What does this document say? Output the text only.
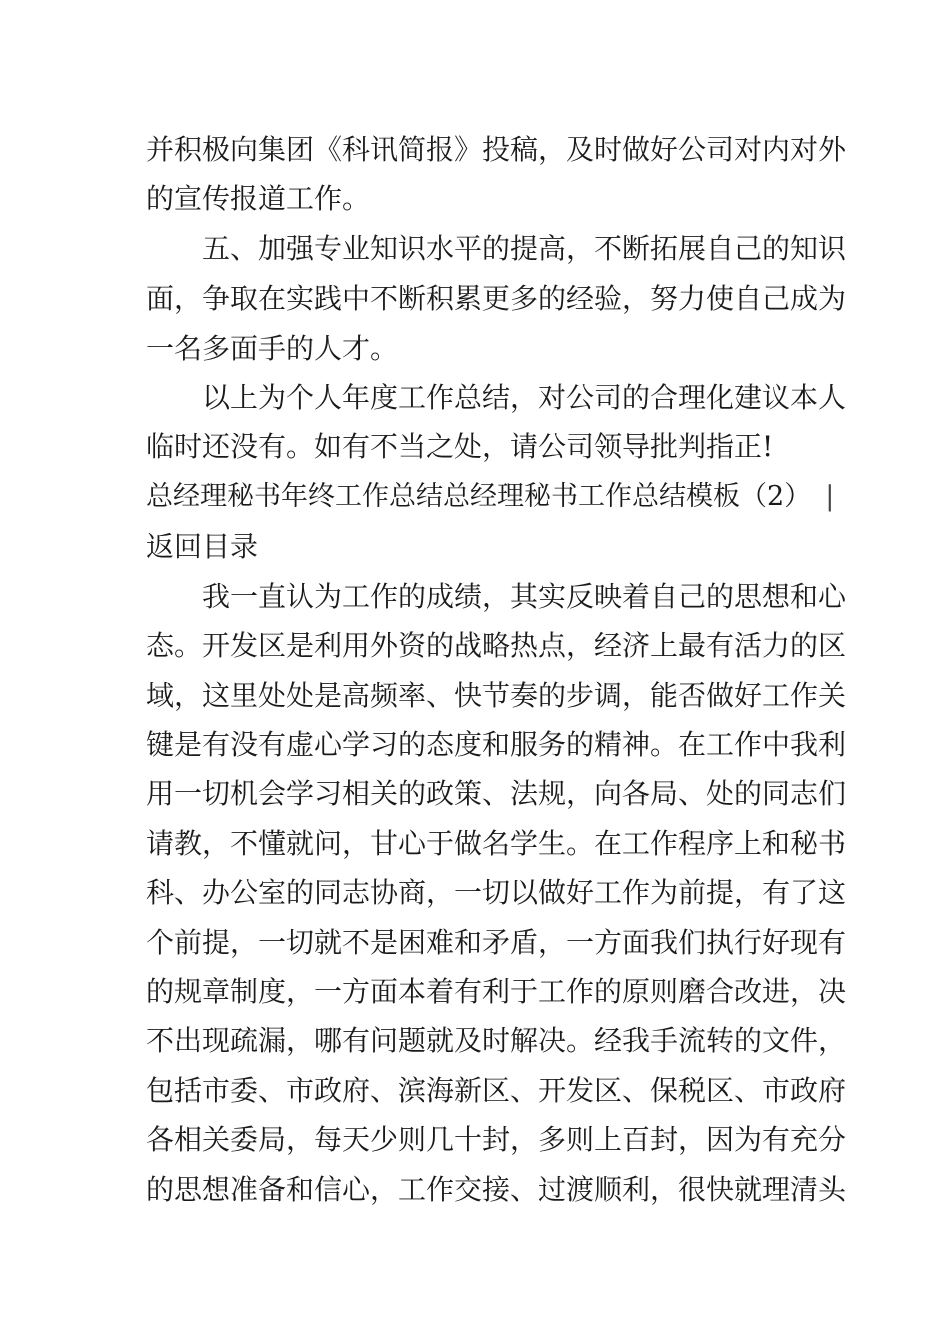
并积极向集团《科讯简报》投稿，及时做好公司对内对外
的宣传报道工作。
五、加强专业知识水平的提高，不断拓展自己的知识
面，争取在实践中不断积累更多的经验，努力使自己成为
一名多面手的人才。
以上为个人年度工作总结，对公司的合理化建议本人
临时还没有。如有不当之处，请公司领导批判指正!
总经理秘书年终工作总结总经理秘书工作总结模板（2） |
返回目录
我一直认为工作的成绩，其实反映着自己的思想和心
态。开发区是利用外资的战略热点，经济上最有活力的区
域，这里处处是高频率、快节奏的步调，能否做好工作关
键是有没有虚心学习的态度和服务的精神。在工作中我利
用一切机会学习相关的政策、法规，向各局、处的同志们
请教，不懂就问，甘心于做名学生。在工作程序上和秘书
科、办公室的同志协商，一切以做好工作为前提，有了这
个前提，一切就不是困难和矛盾，一方面我们执行好现有
的规章制度，一方面本着有利于工作的原则磨合改进，决
不出现疏漏，哪有问题就及时解决。经我手流转的文件，
包括市委、市政府、滨海新区、开发区、保税区、市政府
各相关委局，每天少则几十封，多则上百封，因为有充分
的思想准备和信心，工作交接、过渡顺利，很快就理清头
